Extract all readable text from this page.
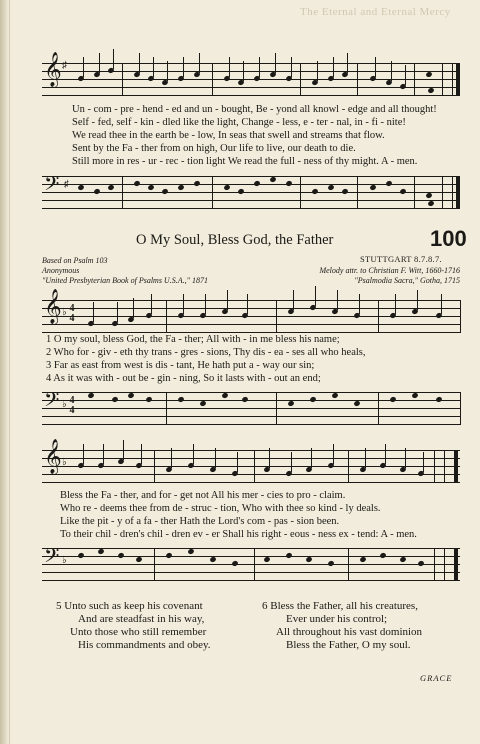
The Eternal and Eternal Mercy
𝄞 ♯
Un - com - pre - hend - ed and un - bought, Be - yond all knowl - edge and all thought!
Self - fed, self - kin - dled like the light, Change - less, e - ter - nal, in - fi - nite!
We read thee in the earth be - low, In seas that swell and streams that flow.
Sent by the Fa - ther from on high, Our life to live, our death to die.
Still more in res - ur - rec - tion light We read the full - ness of thy might. A - men.
𝄢 ♯
O My Soul, Bless God, the Father	100
Based on Psalm 103
Anonymous
"United Presbyterian Book of Psalms U.S.A.," 1871
STUTTGART 8.7.8.7.
Melody attr. to Christian F. Witt, 1660-1716
"Psalmodia Sacra," Gotha, 1715
𝄞 ♭ 4
4
1 O my soul, bless God, the Fa - ther; All with - in me bless his name;
2 Who for - giv - eth thy trans - gres - sions, Thy dis - ea - ses all who heals,
3 Far as east from west is dis - tant, He hath put a - way our sin;
4 As it was with - out be - gin - ning, So it lasts with - out an end;
𝄢 ♭ 4
4
𝄞 ♭
Bless the Fa - ther, and for - get not All his mer - cies to pro - claim.
Who re - deems thee from de - struc - tion, Who with thee so kind - ly deals.
Like the pit - y of a fa - ther Hath the Lord's com - pas - sion been.
To their chil - dren's chil - dren ev - er Shall his right - eous - ness ex - tend: A - men.
𝄢 ♭
5 Unto such as keep his covenant
And are steadfast in his way,
Unto those who still remember
His commandments and obey.
6 Bless the Father, all his creatures,
Ever under his control;
All throughout his vast dominion
Bless the Father, O my soul.
GRACE
